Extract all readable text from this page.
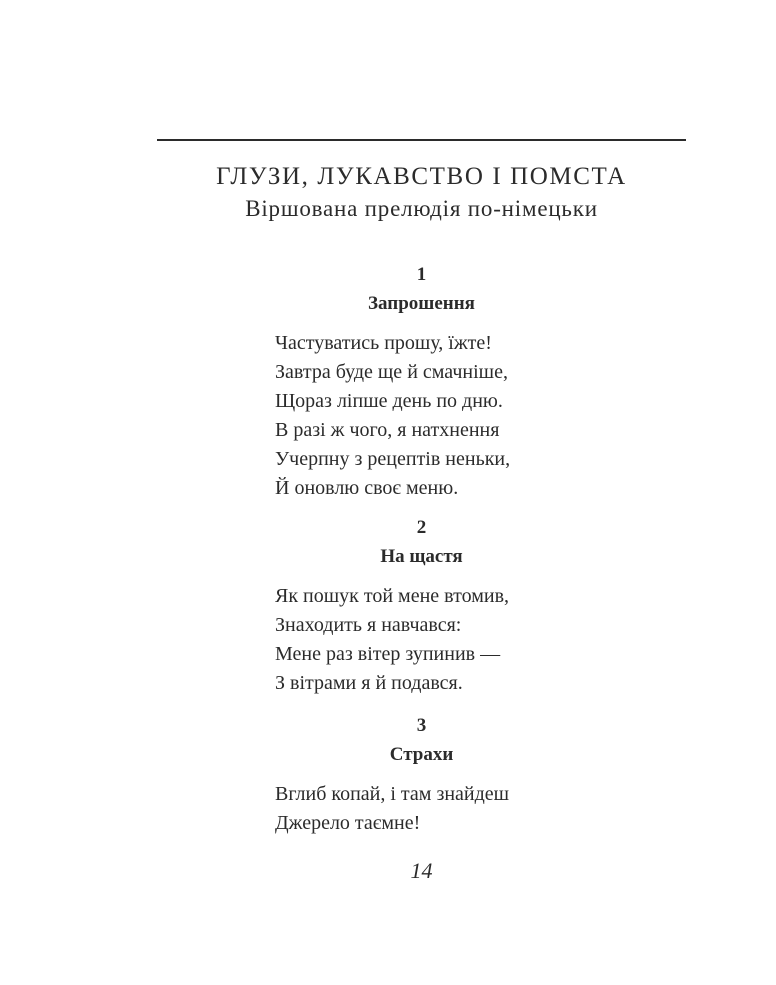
ГЛУЗИ, ЛУКАВСТВО І ПОМСТА
Віршована прелюдія по-німецьки
1
Запрошення
Частуватись прошу, їжте!
Завтра буде ще й смачніше,
Щораз ліпше день по дню.
В разі ж чого, я натхнення
Учерпну з рецептів неньки,
Й оновлю своє меню.
2
На щастя
Як пошук той мене втомив,
Знаходить я навчався:
Мене раз вітер зупинив —
З вітрами я й подався.
3
Страхи
Вглиб копай, і там знайдеш
Джерело таємне!
14
